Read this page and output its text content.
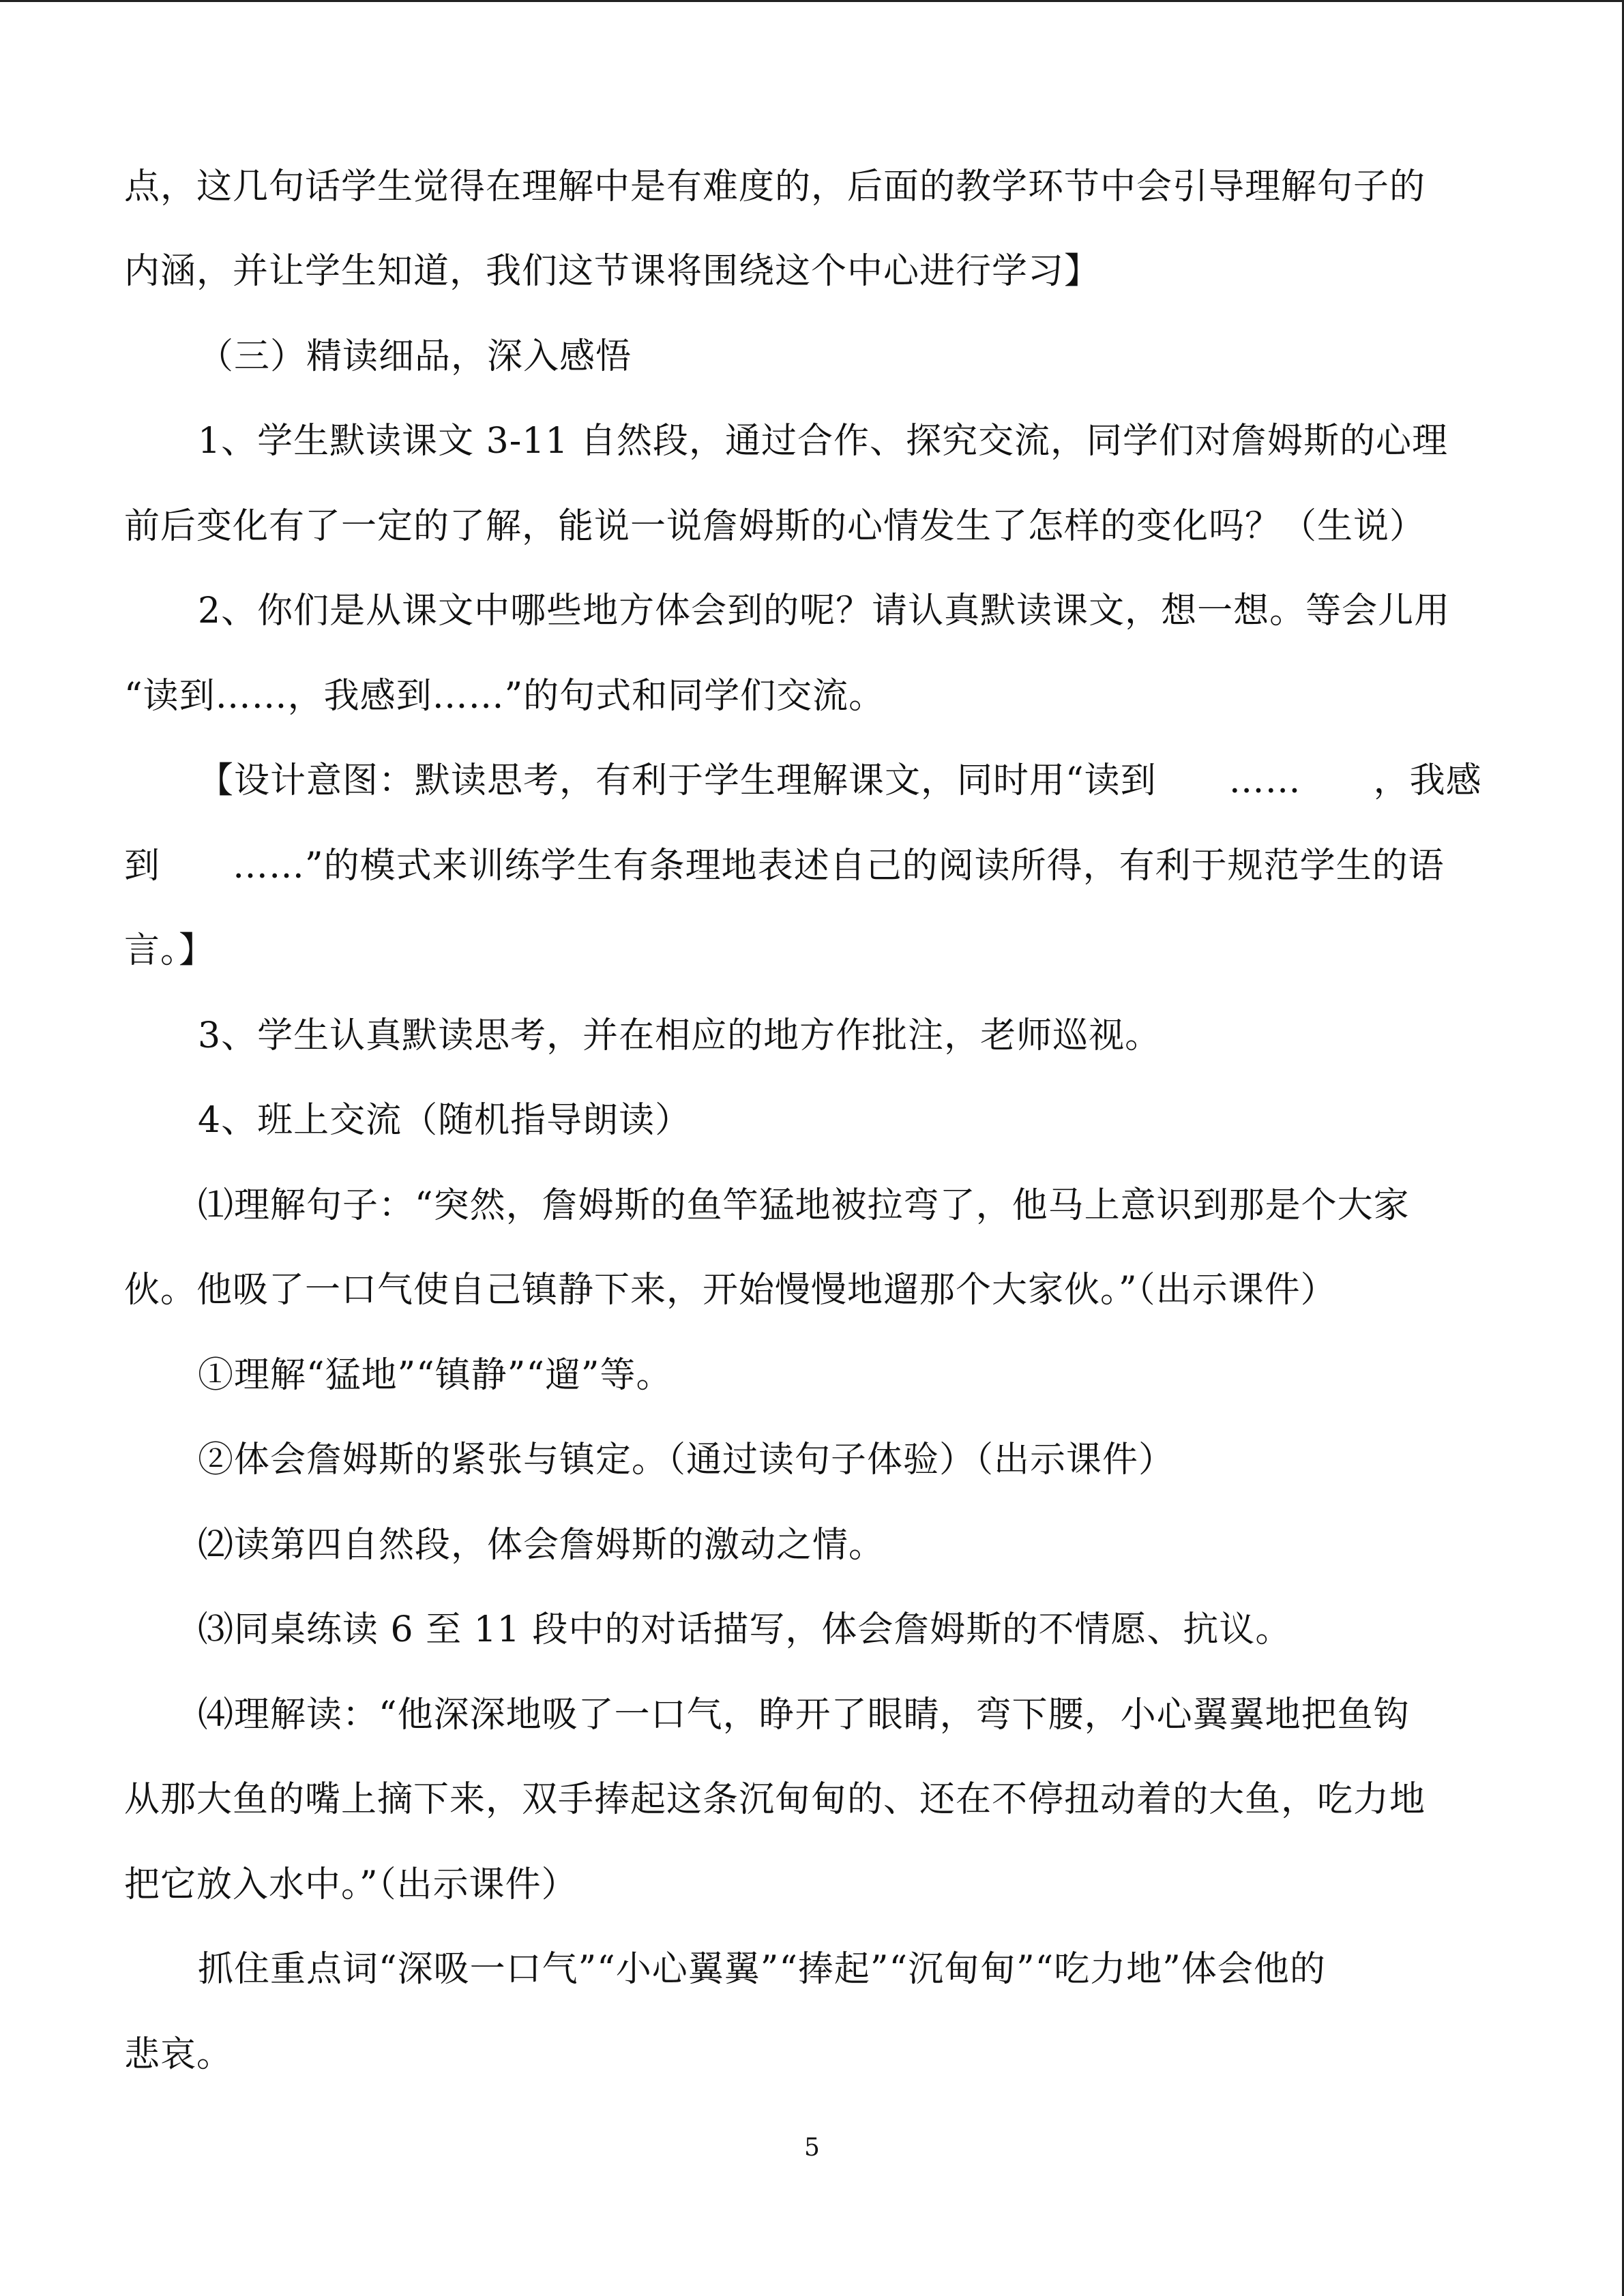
点，这几句话学生觉得在理解中是有难度的，后面的教学环节中会引导理解句子的
内涵，并让学生知道，我们这节课将围绕这个中心进行学习】
（三）精读细品，深入感悟
1、学生默读课文 3-11 自然段，通过合作、探究交流，同学们对詹姆斯的心理
前后变化有了一定的了解，能说一说詹姆斯的心情发生了怎样的变化吗？（生说）
2、你们是从课文中哪些地方体会到的呢？请认真默读课文，想一想。等会儿用
“读到……，我感到……”的句式和同学们交流。
【设计意图：默读思考，有利于学生理解课文，同时用“读到　　……　　，我感
到　　……”的模式来训练学生有条理地表述自己的阅读所得，有利于规范学生的语
言。】
3、学生认真默读思考，并在相应的地方作批注，老师巡视。
4、班上交流（随机指导朗读）
⑴理解句子：“突然，詹姆斯的鱼竿猛地被拉弯了，他马上意识到那是个大家
伙。他吸了一口气使自己镇静下来，开始慢慢地遛那个大家伙。”（出示课件）
①理解“猛地”“镇静”“遛”等。
②体会詹姆斯的紧张与镇定。（通过读句子体验）（出示课件）
⑵读第四自然段，体会詹姆斯的激动之情。
⑶同桌练读 6 至 11 段中的对话描写，体会詹姆斯的不情愿、抗议。
⑷理解读：“他深深地吸了一口气，睁开了眼睛，弯下腰，小心翼翼地把鱼钩
从那大鱼的嘴上摘下来，双手捧起这条沉甸甸的、还在不停扭动着的大鱼，吃力地
把它放入水中。”（出示课件）
抓住重点词“深吸一口气”“小心翼翼”“捧起”“沉甸甸”“吃力地”体会他的
悲哀。
5
